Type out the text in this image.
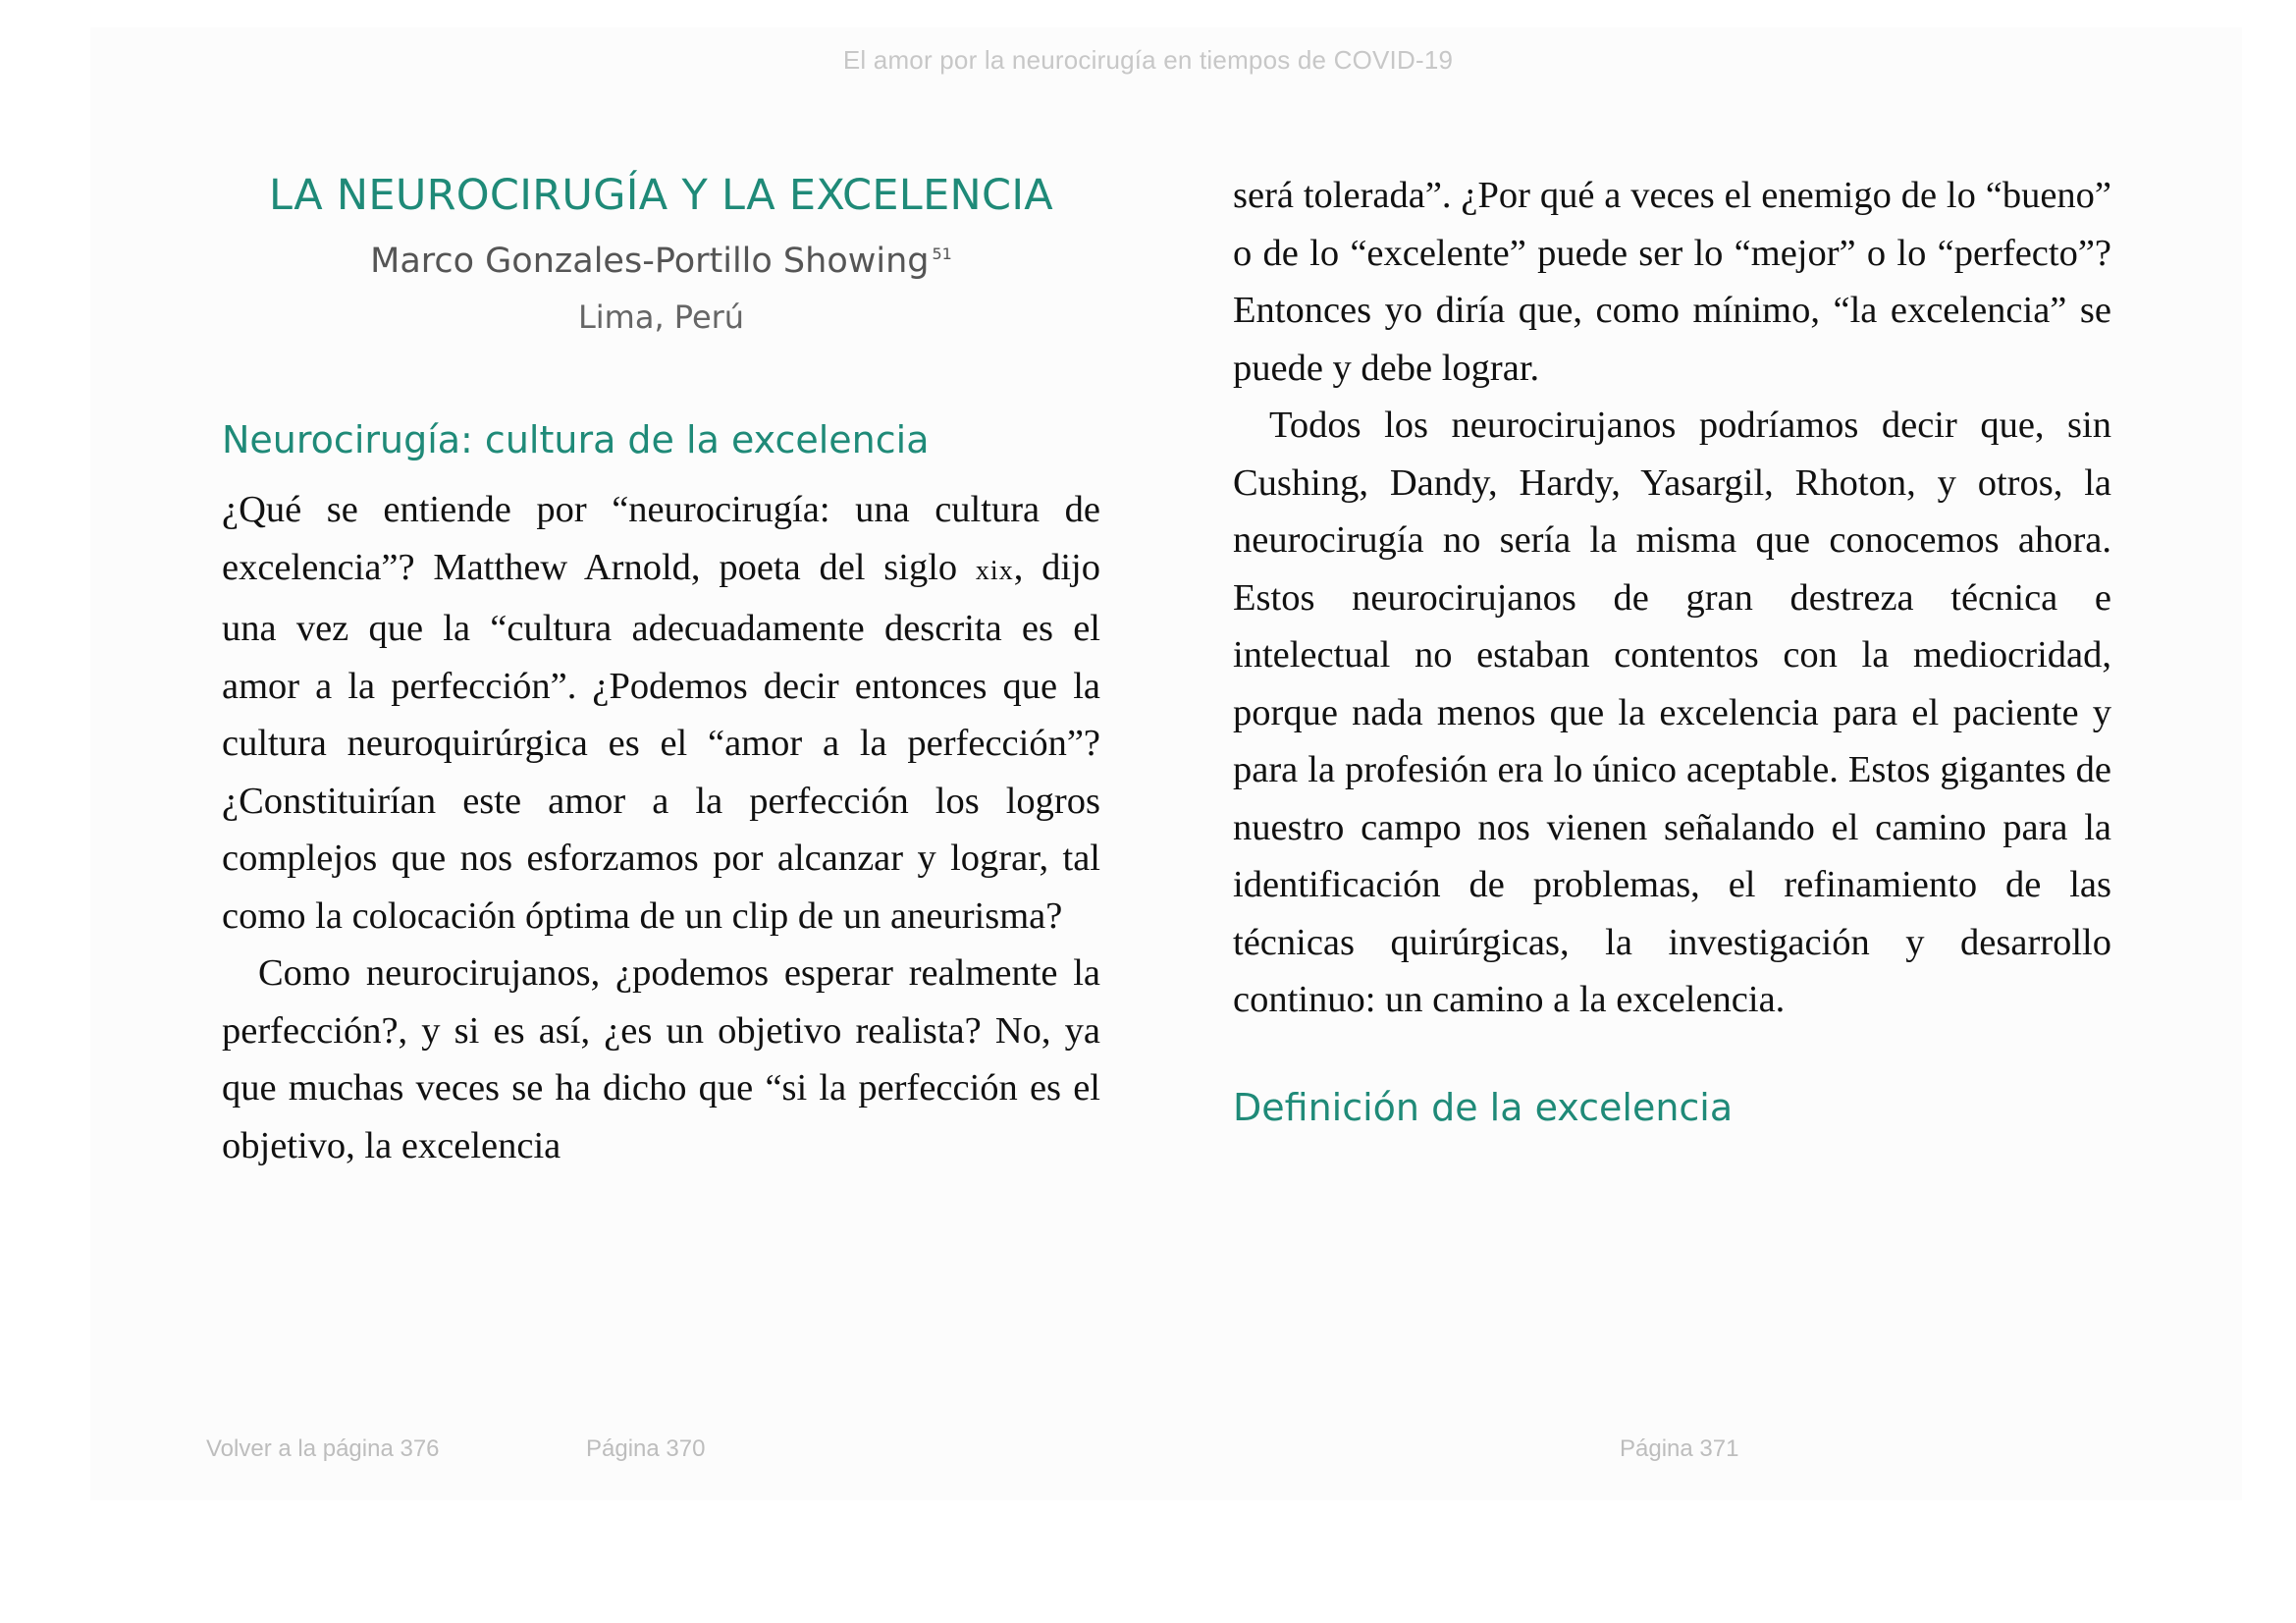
El amor por la neurocirugía en tiempos de COVID-19
LA NEUROCIRUGÍA Y LA EXCELENCIA
Marco Gonzales-Portillo Showing $^{51}$
Lima, Perú
Neurocirugía: cultura de la excelencia

¿Qué se entiende por “neurocirugía: una cultura de excelencia”? Matthew Arnold, poeta del siglo xix, dijo una vez que la “cultura adecuadamente descrita es el amor a la perfección”. ¿Podemos decir entonces que la cultura neuroquirúrgica es el “amor a la perfección”? ¿Constituirían este amor a la perfección los logros complejos que nos esforzamos por alcanzar y lograr, tal como la colocación óptima de un clip de un aneurisma?

Como neurocirujanos, ¿podemos esperar realmente la perfección?, y si es así, ¿es un objetivo realista? No, ya que muchas veces se ha dicho que “si la perfección es el objetivo, la excelencia

será tolerada”. ¿Por qué a veces el enemigo de lo “bueno” o de lo “excelente” puede ser lo “mejor” o lo “perfecto”? Entonces yo diría que, como mínimo, “la excelencia” se puede y debe lograr.

Todos los neurocirujanos podríamos decir que, sin Cushing, Dandy, Hardy, Yasargil, Rhoton, y otros, la neurocirugía no sería la misma que conocemos ahora. Estos neurocirujanos de gran destreza técnica e intelectual no estaban contentos con la mediocridad, porque nada menos que la excelencia para el paciente y para la profesión era lo único aceptable. Estos gigantes de nuestro campo nos vienen señalando el camino para la identificación de problemas, el refinamiento de las técnicas quirúrgicas, la investigación y desarrollo continuo: un camino a la excelencia.

Definición de la excelencia
Volver a la página 376	Página 370	Página 371
